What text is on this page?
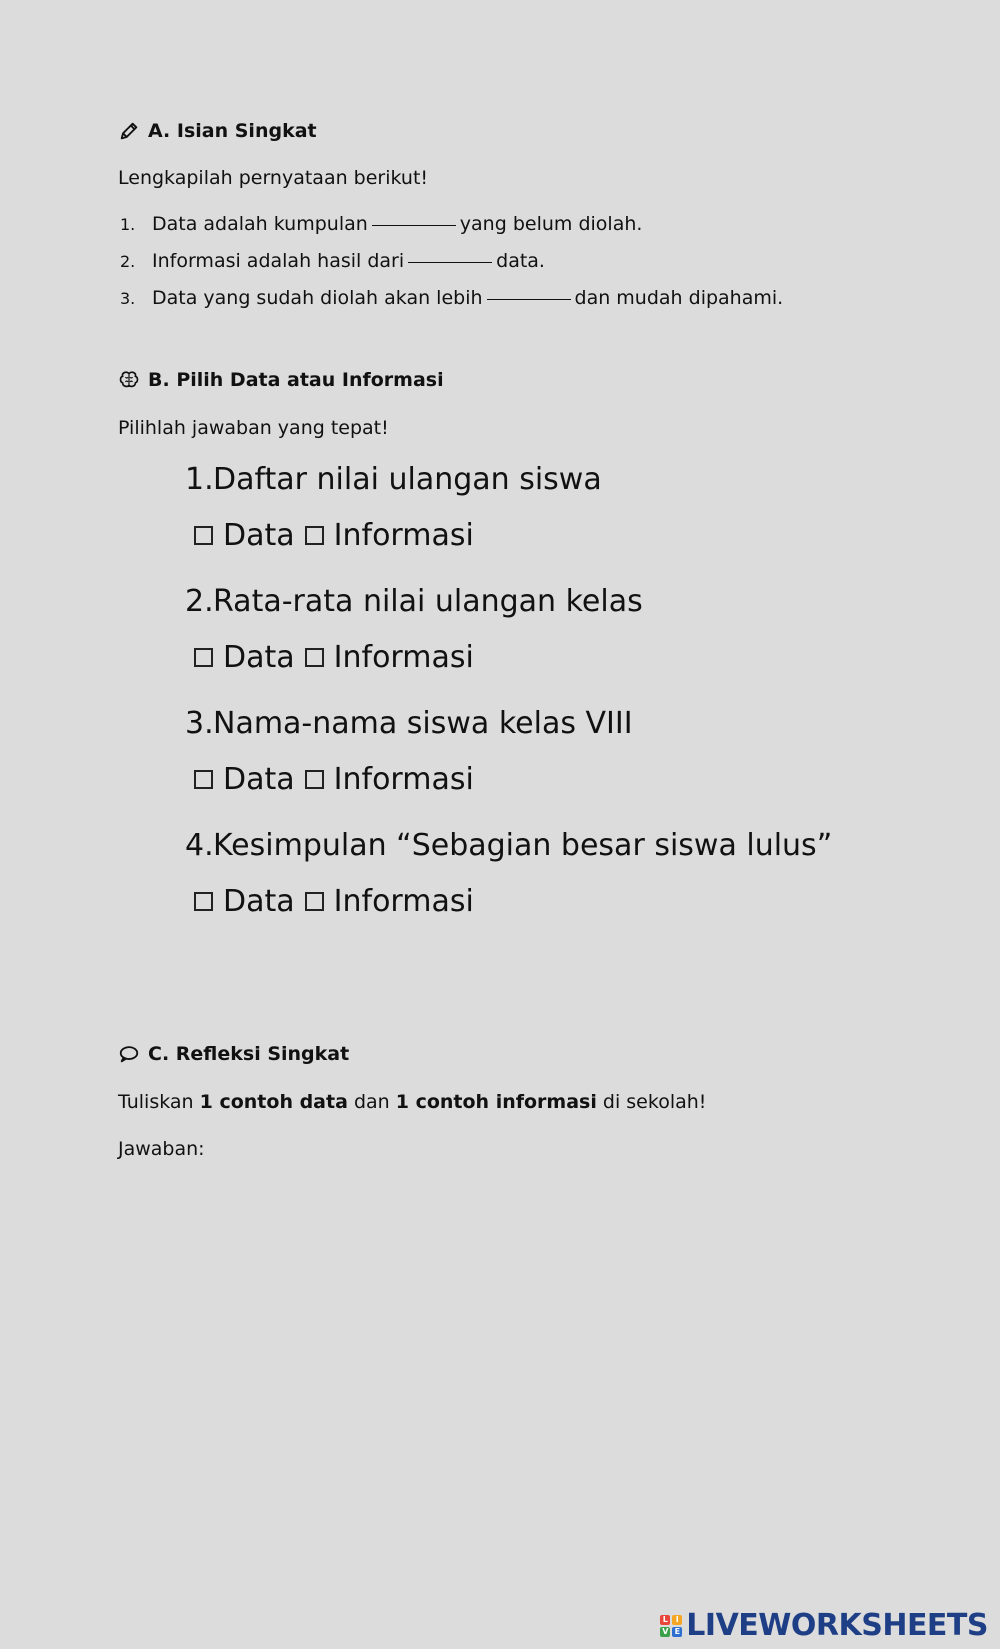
A. Isian Singkat
Lengkapilah pernyataan berikut!
1. Data adalah kumpulan	yang belum diolah.
2. Informasi adalah hasil dari	data.
3. Data yang sudah diolah akan lebih	dan mudah dipahami.
B. Pilih Data atau Informasi
Pilihlah jawaban yang tepat!
1.Daftar nilai ulangan siswa
Data Informasi
2.Rata-rata nilai ulangan kelas
Data Informasi
3.Nama-nama siswa kelas VIII
Data Informasi
4.Kesimpulan “Sebagian besar siswa lulus”
Data Informasi
C. Refleksi Singkat
Tuliskan 1 contoh data dan 1 contoh informasi di sekolah!
Jawaban:
L I
V E LIVEWORKSHEETS
